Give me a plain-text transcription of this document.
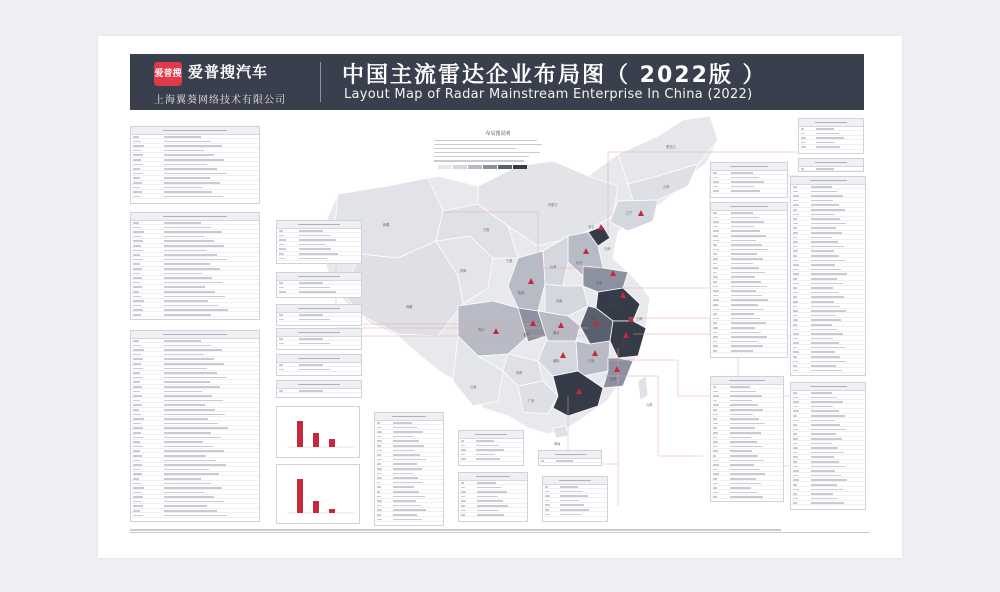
新疆
西藏
青海
甘肃
内蒙古
黑龙江
吉林
辽宁
北京
天津
河北
山西
陕西
宁夏
四川
重庆
河南
山东
江苏
上海
安徽
湖北
湖南
浙江
江西
福建
广东
广西
云南
贵州
海南
台湾
爱普搜 爱普搜汽车
上海翼葵网络技术有限公司
中国主流雷达企业布局图（ 2022版 ）
Layout Map of Radar Mainstream Enterprise In China (2022)
布局图说明
